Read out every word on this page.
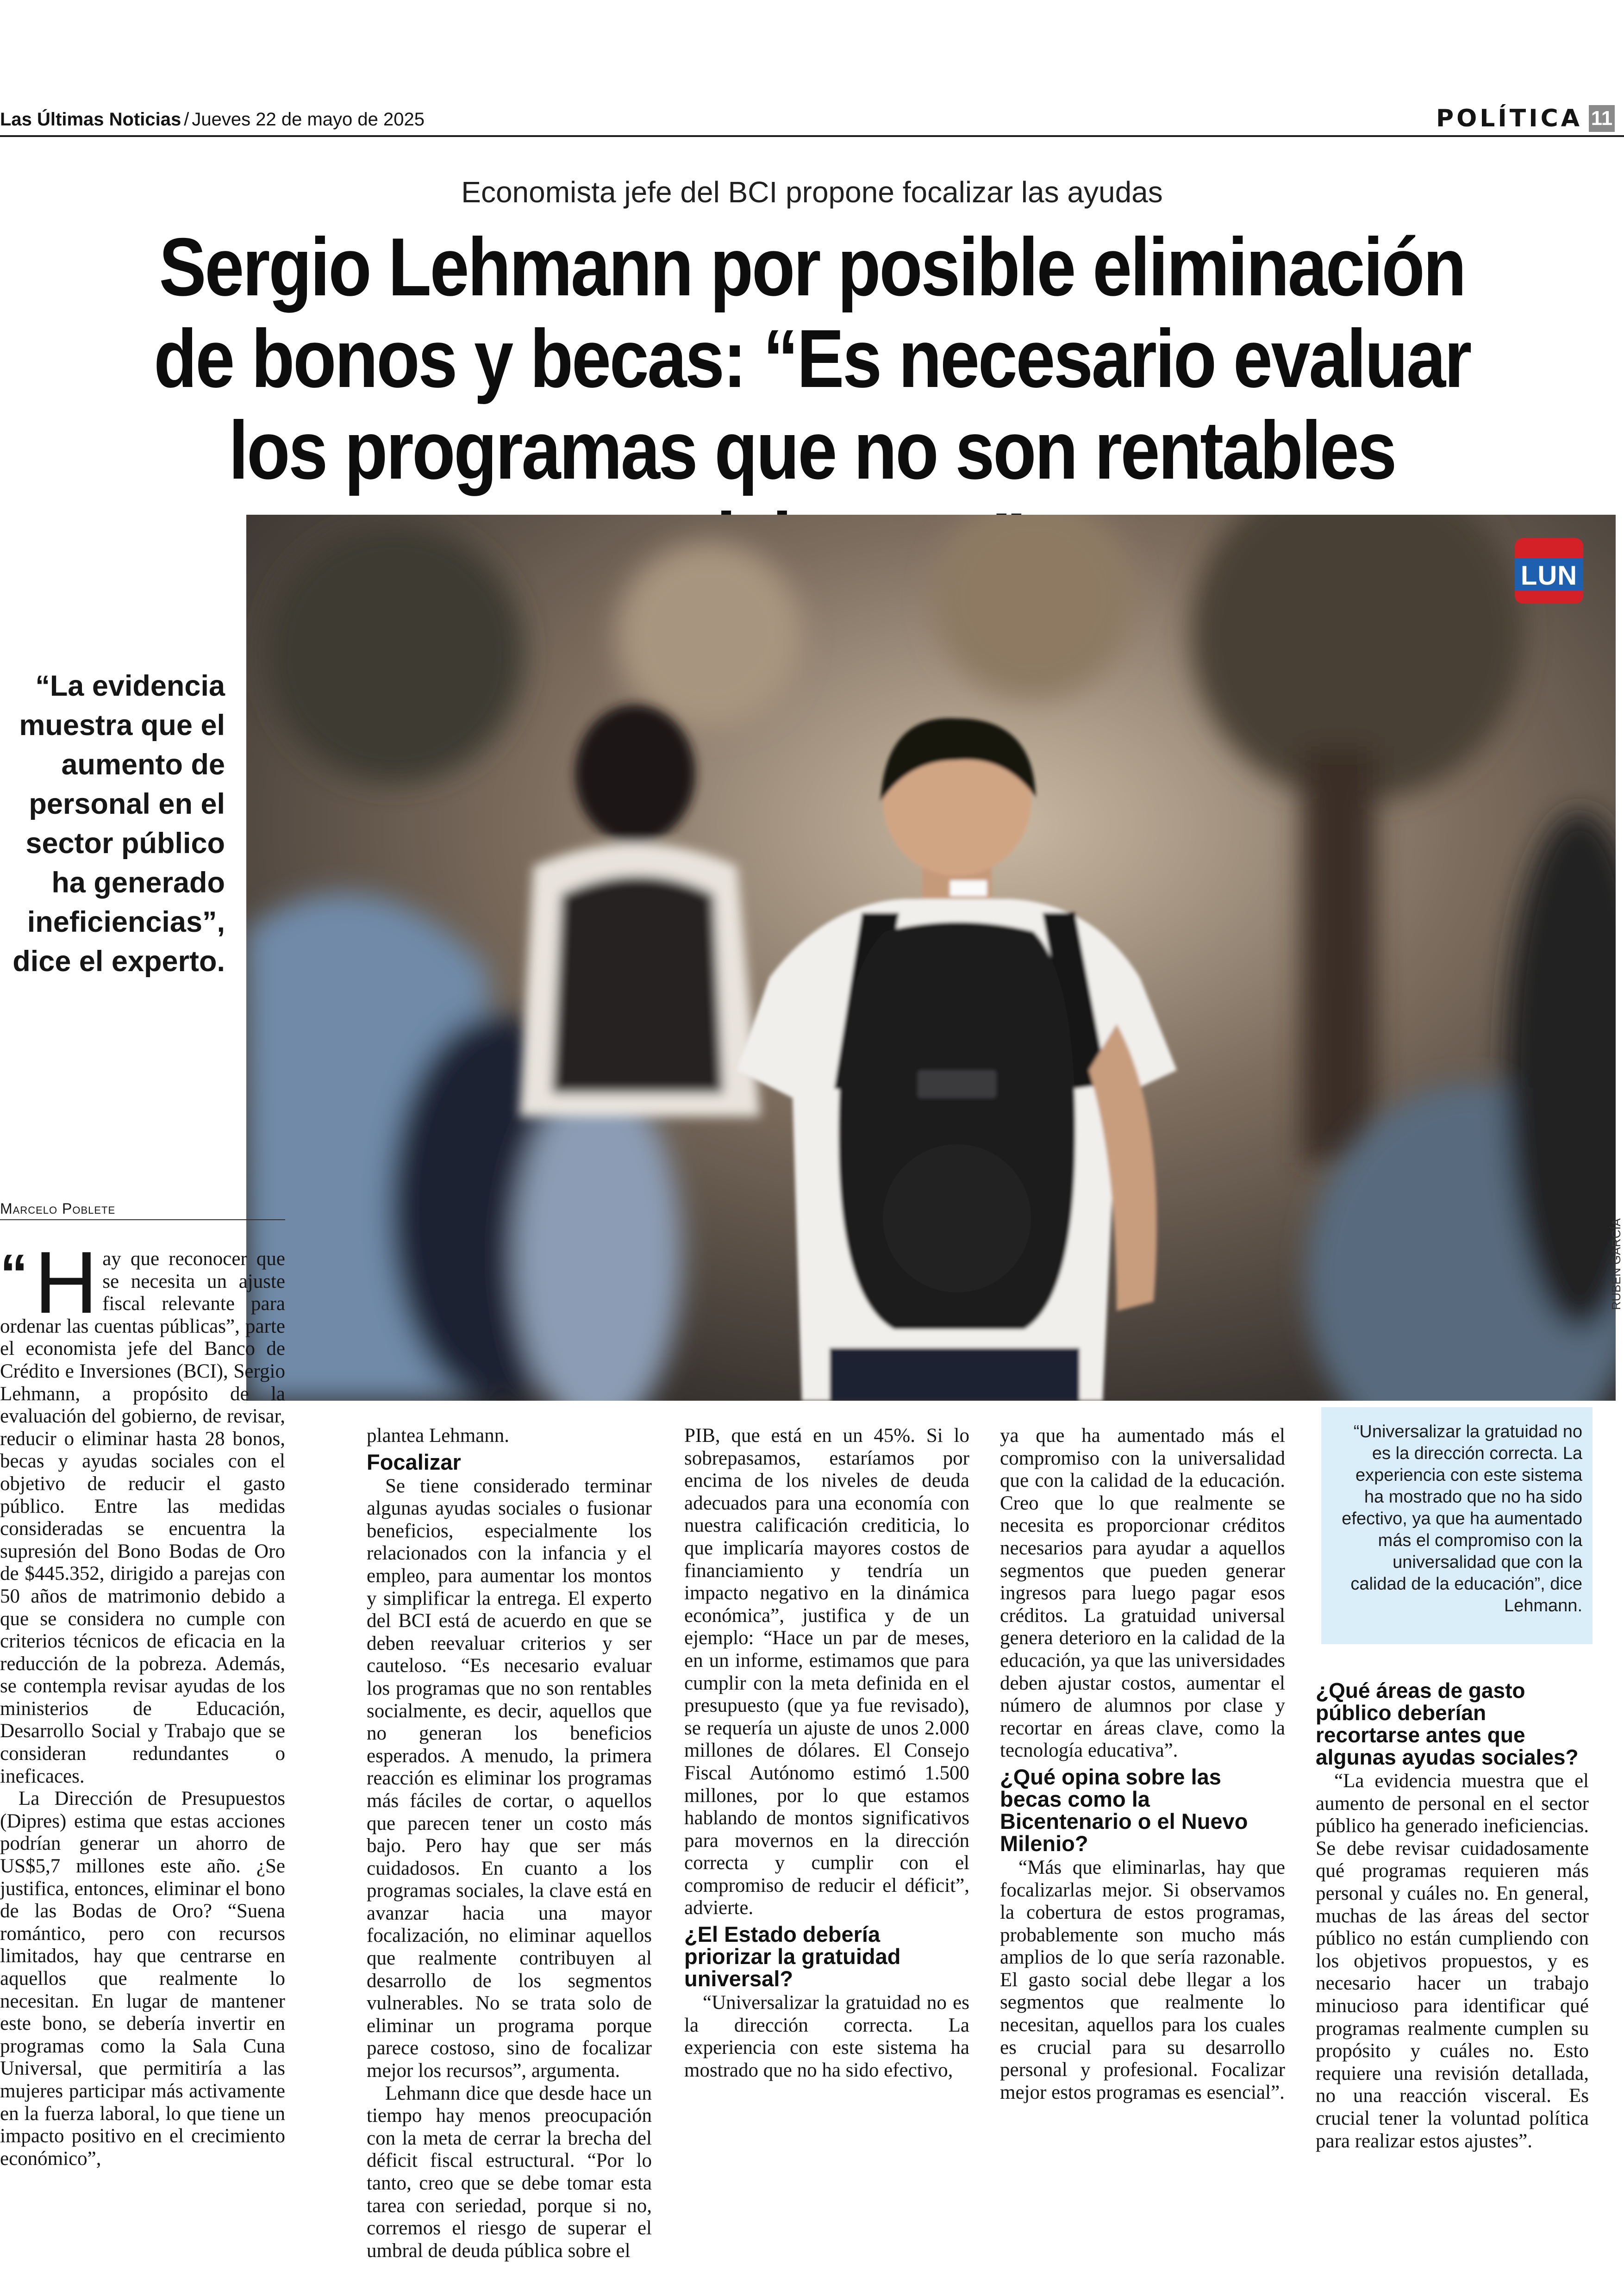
Las Últimas Noticias / Jueves 22 de mayo de 2025	POLÍTICA 11
Economista jefe del BCI propone focalizar las ayudas
Sergio Lehmann por posible eliminación de bonos y becas: “Es necesario evaluar los programas que no son rentables
LUN
RUBÉN GARCÍA
“La evidencia muestra que el aumento de personal en el sector público ha generado ineficiencias”, dice el experto.
Marcelo Poblete
“ H ay que reconocer que se necesita un ajuste fiscal relevante para ordenar las cuentas públicas”, parte el economista jefe del Banco de Crédito e Inversiones (BCI), Sergio Lehmann, a propósito de la evaluación del gobierno, de revisar, reducir o eliminar hasta 28 bonos, becas y ayudas sociales con el objetivo de reducir el gasto público. Entre las medidas consideradas se encuentra la supresión del Bono Bodas de Oro de $445.352, dirigido a parejas con 50 años de matrimonio debido a que se considera no cumple con criterios técnicos de eficacia en la reducción de la pobreza. Además, se contempla revisar ayudas de los ministerios de Educación, Desarrollo Social y Trabajo que se consideran redundantes o ineficaces.

La Dirección de Presupuestos (Dipres) estima que estas acciones podrían generar un ahorro de US$5,7 millones este año. ¿Se justifica, entonces, eliminar el bono de las Bodas de Oro? “Suena romántico, pero con recursos limitados, hay que centrarse en aquellos que realmente lo necesitan. En lugar de mantener este bono, se debería invertir en programas como la Sala Cuna Universal, que permitiría a las mujeres participar más activamente en la fuerza laboral, lo que tiene un impacto positivo en el crecimiento económico”,

plantea Lehmann.

Focalizar

Se tiene considerado terminar algunas ayudas sociales o fusionar beneficios, especialmente los relacionados con la infancia y el empleo, para aumentar los montos y simplificar la entrega. El experto del BCI está de acuerdo en que se deben reevaluar criterios y ser cauteloso. “Es necesario evaluar los programas que no son rentables socialmente, es decir, aquellos que no generan los beneficios esperados. A menudo, la primera reacción es eliminar los programas más fáciles de cortar, o aquellos que parecen tener un costo más bajo. Pero hay que ser más cuidadosos. En cuanto a los programas sociales, la clave está en avanzar hacia una mayor focalización, no eliminar aquellos que realmente contribuyen al desarrollo de los segmentos vulnerables. No se trata solo de eliminar un programa porque parece costoso, sino de focalizar mejor los recursos”, argumenta.

Lehmann dice que desde hace un tiempo hay menos preocupación con la meta de cerrar la brecha del déficit fiscal estructural. “Por lo tanto, creo que se debe tomar esta tarea con seriedad, porque si no, corremos el riesgo de superar el umbral de deuda pública sobre el

PIB, que está en un 45%. Si lo sobrepasamos, estaríamos por encima de los niveles de deuda adecuados para una economía con nuestra calificación crediticia, lo que implicaría mayores costos de financiamiento y tendría un impacto negativo en la dinámica económica”, justifica y de un ejemplo: “Hace un par de meses, en un informe, estimamos que para cumplir con la meta definida en el presupuesto (que ya fue revisado), se requería un ajuste de unos 2.000 millones de dólares. El Consejo Fiscal Autónomo estimó 1.500 millones, por lo que estamos hablando de montos significativos para movernos en la dirección correcta y cumplir con el compromiso de reducir el déficit”, advierte.

¿El Estado debería priorizar la gratuidad universal?

“Universalizar la gratuidad no es la dirección correcta. La experiencia con este sistema ha mostrado que no ha sido efectivo,

ya que ha aumentado más el compromiso con la universalidad que con la calidad de la educación. Creo que lo que realmente se necesita es proporcionar créditos necesarios para ayudar a aquellos segmentos que pueden generar ingresos para luego pagar esos créditos. La gratuidad universal genera deterioro en la calidad de la educación, ya que las universidades deben ajustar costos, aumentar el número de alumnos por clase y recortar en áreas clave, como la tecnología educativa”.

¿Qué opina sobre las becas como la Bicentenario o el Nuevo Milenio?

“Más que eliminarlas, hay que focalizarlas mejor. Si observamos la cobertura de estos programas, probablemente son mucho más amplios de lo que sería razonable. El gasto social debe llegar a los segmentos que realmente lo necesitan, aquellos para los cuales es crucial para su desarrollo personal y profesional. Focalizar mejor estos programas es esencial”.

“Universalizar la gratuidad no es la dirección correcta. La experiencia con este sistema ha mostrado que no ha sido efectivo, ya que ha aumentado más el compromiso con la universalidad que con la calidad de la educación”, dice Lehmann.
¿Qué áreas de gasto público deberían recortarse antes que algunas ayudas sociales?

“La evidencia muestra que el aumento de personal en el sector público ha generado ineficiencias. Se debe revisar cuidadosamente qué programas requieren más personal y cuáles no. En general, muchas de las áreas del sector público no están cumpliendo con los objetivos propuestos, y es necesario hacer un trabajo minucioso para identificar qué programas realmente cumplen su propósito y cuáles no. Esto requiere una revisión detallada, no una reacción visceral. Es crucial tener la voluntad política para realizar estos ajustes”.
